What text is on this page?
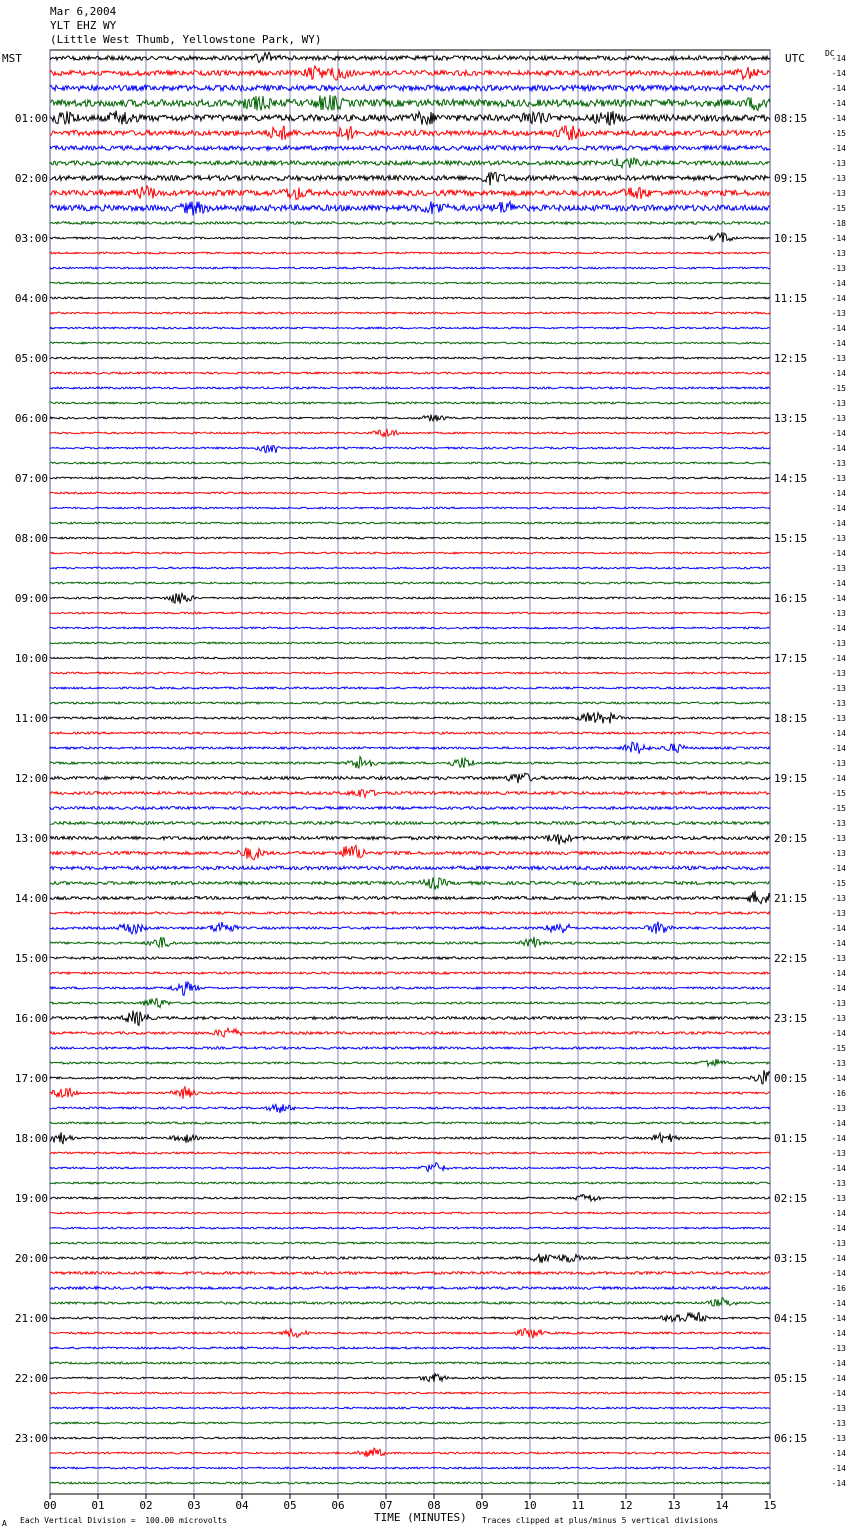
Mar 6,2004
YLT EHZ WY
(Little West Thumb, Yellowstone Park, WY)
MST	UTC	DC
00	01	02	03	04	05	06	07	08	09	10	11	12	13	14	15
-14
-14
-14
-14
-14
-15
-14
-13
-13
-13
-15
-18
-14
-13
-13
-14
-14
-13
-14
-14
-13
-14
-15
-13
-13
-14
-14
-13
-13
-14
-14
-14
-13
-14
-13
-14
-14
-13
-14
-13
-14
-13
-13
-13
-13
-14
-14
-13
-14
-15
-15
-13
-13
-13
-14
-15
-13
-13
-14
-14
-13
-14
-14
-13
-13
-14
-15
-13
-14
-16
-13
-14
-14
-13
-14
-13
-13
-14
-14
-13
-14
-14
-16
-14
-14
-14
-13
-14
-14
-14
-13
-13
-13
-14
-14
-14
01:00
02:00
03:00
04:00
05:00
06:00
07:00
08:00
09:00
10:00
11:00
12:00
13:00
14:00
15:00
16:00
17:00
18:00
19:00
20:00
21:00
22:00
23:00
08:15
09:15
10:15
11:15
12:15
13:15
14:15
15:15
16:15
17:15
18:15
19:15
20:15
21:15
22:15
23:15
00:15
01:15
02:15
03:15
04:15
05:15
06:15
TIME (MINUTES)
A Each Vertical Division =  100.00 microvolts	Traces clipped at plus/minus 5 vertical divisions
